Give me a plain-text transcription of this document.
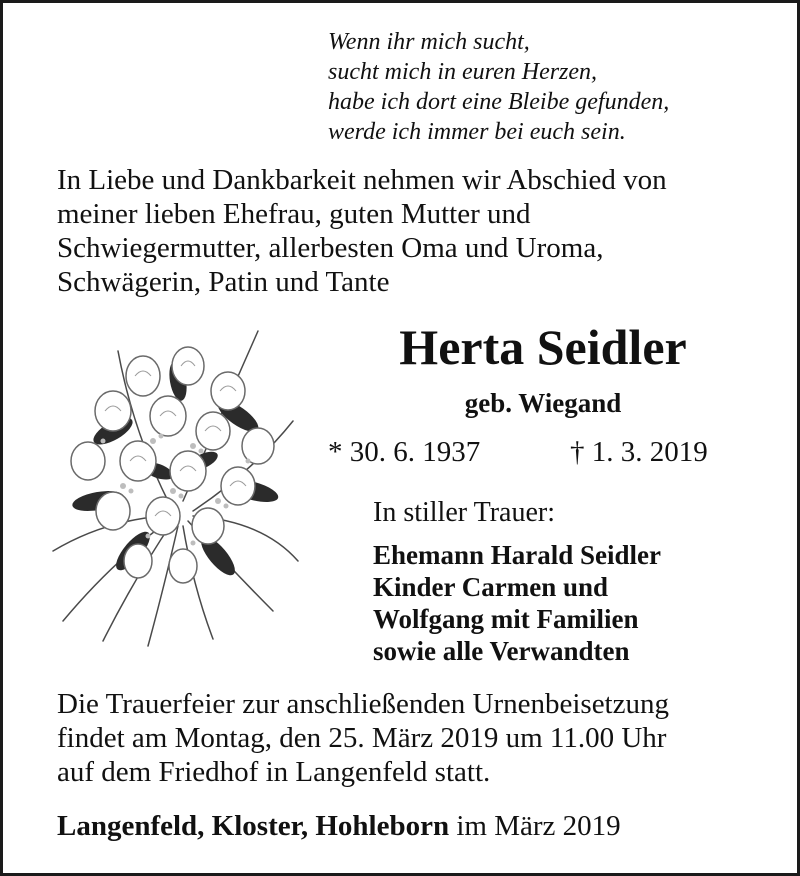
Wenn ihr mich sucht,
sucht mich in euren Herzen,
habe ich dort eine Bleibe gefunden,
werde ich immer bei euch sein.
In Liebe und Dankbarkeit nehmen wir Abschied von
meiner lieben Ehefrau, guten Mutter und
Schwiegermutter, allerbesten Oma und Uroma,
Schwägerin, Patin und Tante
Herta Seidler
geb. Wiegand
* 30. 6. 1937	† 1. 3. 2019
In stiller Trauer:
Ehemann Harald Seidler
Kinder Carmen und
Wolfgang mit Familien
sowie alle Verwandten
Die Trauerfeier zur anschließenden Urnenbeisetzung
findet am Montag, den 25. März 2019 um 11.00 Uhr
auf dem Friedhof in Langenfeld statt.
Langenfeld, Kloster, Hohleborn im März 2019
